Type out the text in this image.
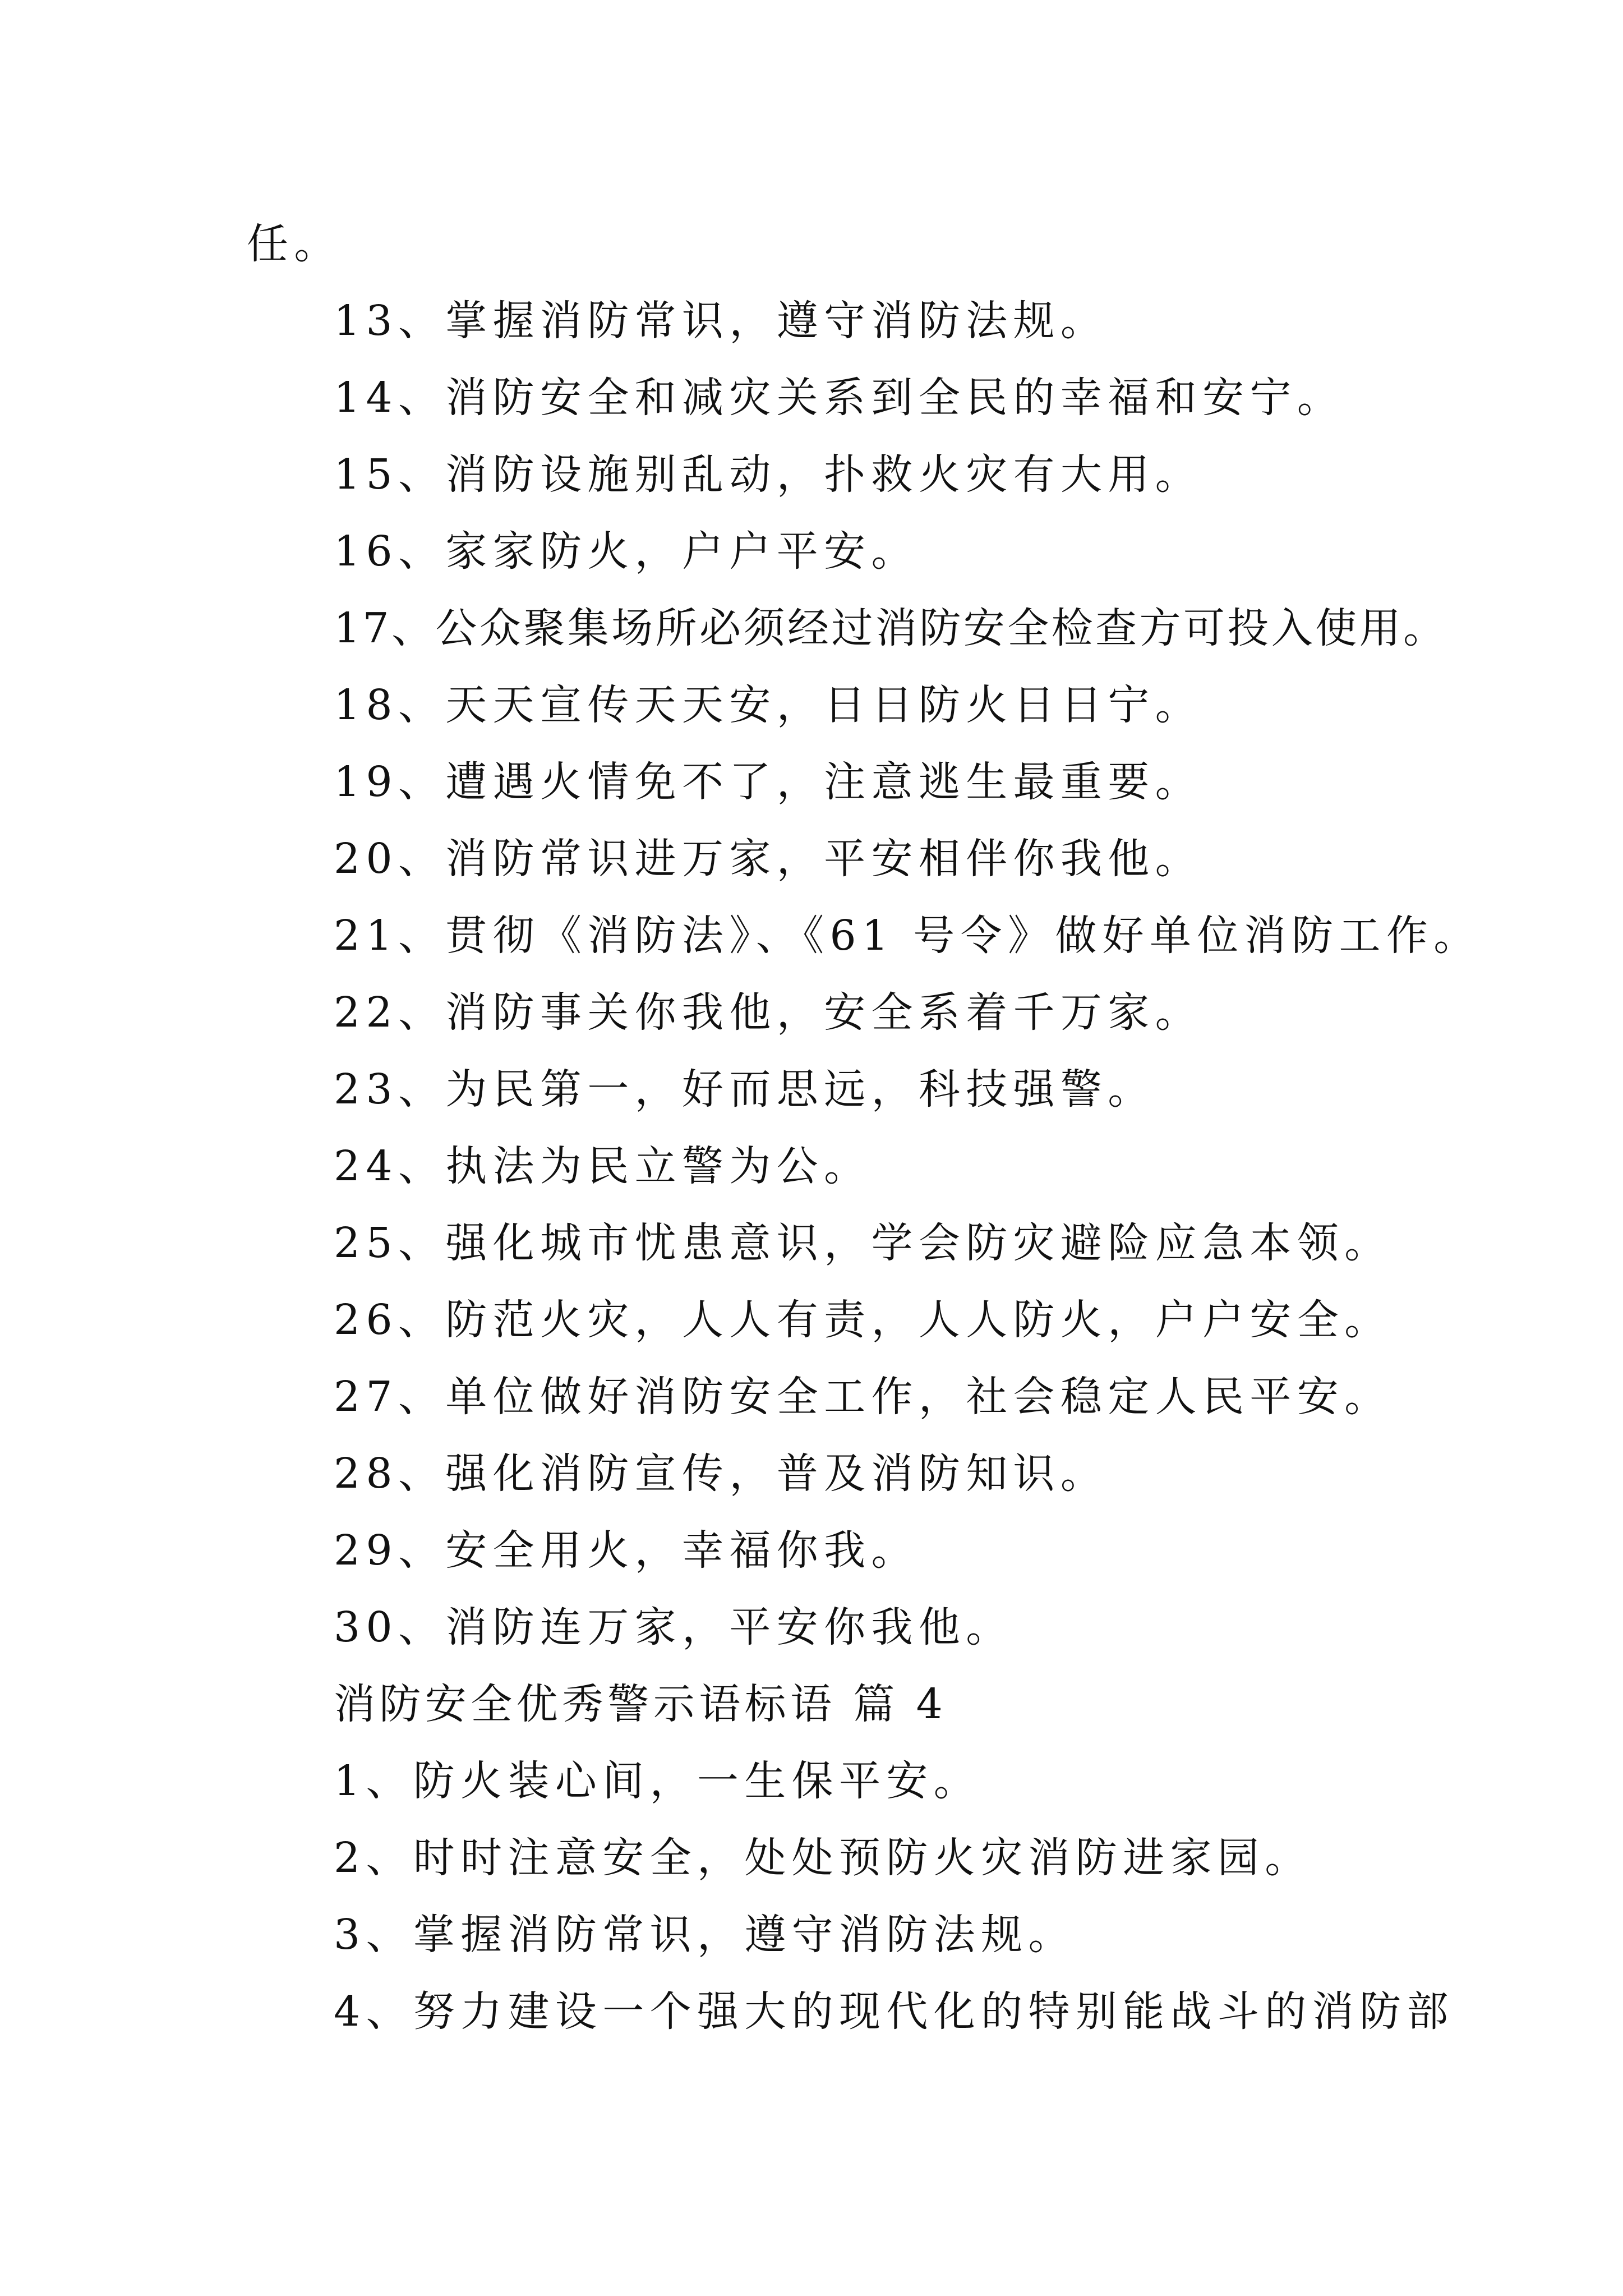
任。

13、掌握消防常识，遵守消防法规。

14、消防安全和减灾关系到全民的幸福和安宁。

15、消防设施别乱动，扑救火灾有大用。

16、家家防火，户户平安。

17、公众聚集场所必须经过消防安全检查方可投入使用。

18、天天宣传天天安，日日防火日日宁。

19、遭遇火情免不了，注意逃生最重要。

20、消防常识进万家，平安相伴你我他。

21、贯彻《消防法》、《61 号令》做好单位消防工作。

22、消防事关你我他，安全系着千万家。

23、为民第一，好而思远，科技强警。

24、执法为民立警为公。

25、强化城市忧患意识，学会防灾避险应急本领。

26、防范火灾，人人有责，人人防火，户户安全。

27、单位做好消防安全工作，社会稳定人民平安。

28、强化消防宣传，普及消防知识。

29、安全用火，幸福你我。

30、消防连万家，平安你我他。

消防安全优秀警示语标语 篇 4

1、防火装心间，一生保平安。

2、时时注意安全，处处预防火灾消防进家园。

3、掌握消防常识，遵守消防法规。

4、努力建设一个强大的现代化的特别能战斗的消防部
